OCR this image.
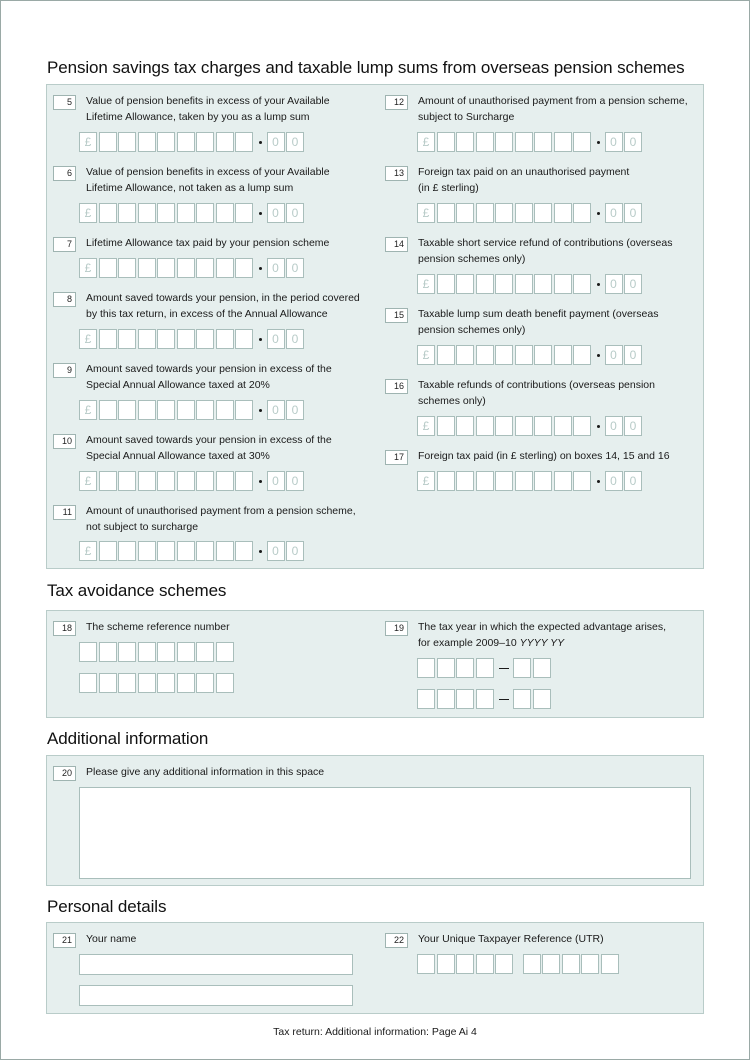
Pension savings tax charges and taxable lump sums from overseas pension schemes
5	Value of pension benefits in excess of your Available
Lifetime Allowance, taken by you as a lump sum
£	0	0
6	Value of pension benefits in excess of your Available
Lifetime Allowance, not taken as a lump sum
£	0	0
7	Lifetime Allowance tax paid by your pension scheme
£	0	0
8	Amount saved towards your pension, in the period covered
by this tax return, in excess of the Annual Allowance
£	0	0
9	Amount saved towards your pension in excess of the
Special Annual Allowance taxed at 20%
£	0	0
10	Amount saved towards your pension in excess of the
Special Annual Allowance taxed at 30%
£	0	0
11	Amount of unauthorised payment from a pension scheme,
not subject to surcharge
£	0	0
12	Amount of unauthorised payment from a pension scheme,
subject to Surcharge
£	0	0
13	Foreign tax paid on an unauthorised payment
(in £ sterling)
£	0	0
14	Taxable short service refund of contributions (overseas
pension schemes only)
£	0	0
15	Taxable lump sum death benefit payment (overseas
pension schemes only)
£	0	0
16	Taxable refunds of contributions (overseas pension
schemes only)
£	0	0
17	Foreign tax paid (in £ sterling) on boxes 14, 15 and 16
£	0	0
Tax avoidance schemes
18	The scheme reference number	19	The tax year in which the expected advantage arises,
for example 2009–10 YYYY YY
Additional information
20	Please give any additional information in this space
Personal details
21	Your name	22	Your Unique Taxpayer Reference (UTR)
Tax return: Additional information: Page Ai 4
